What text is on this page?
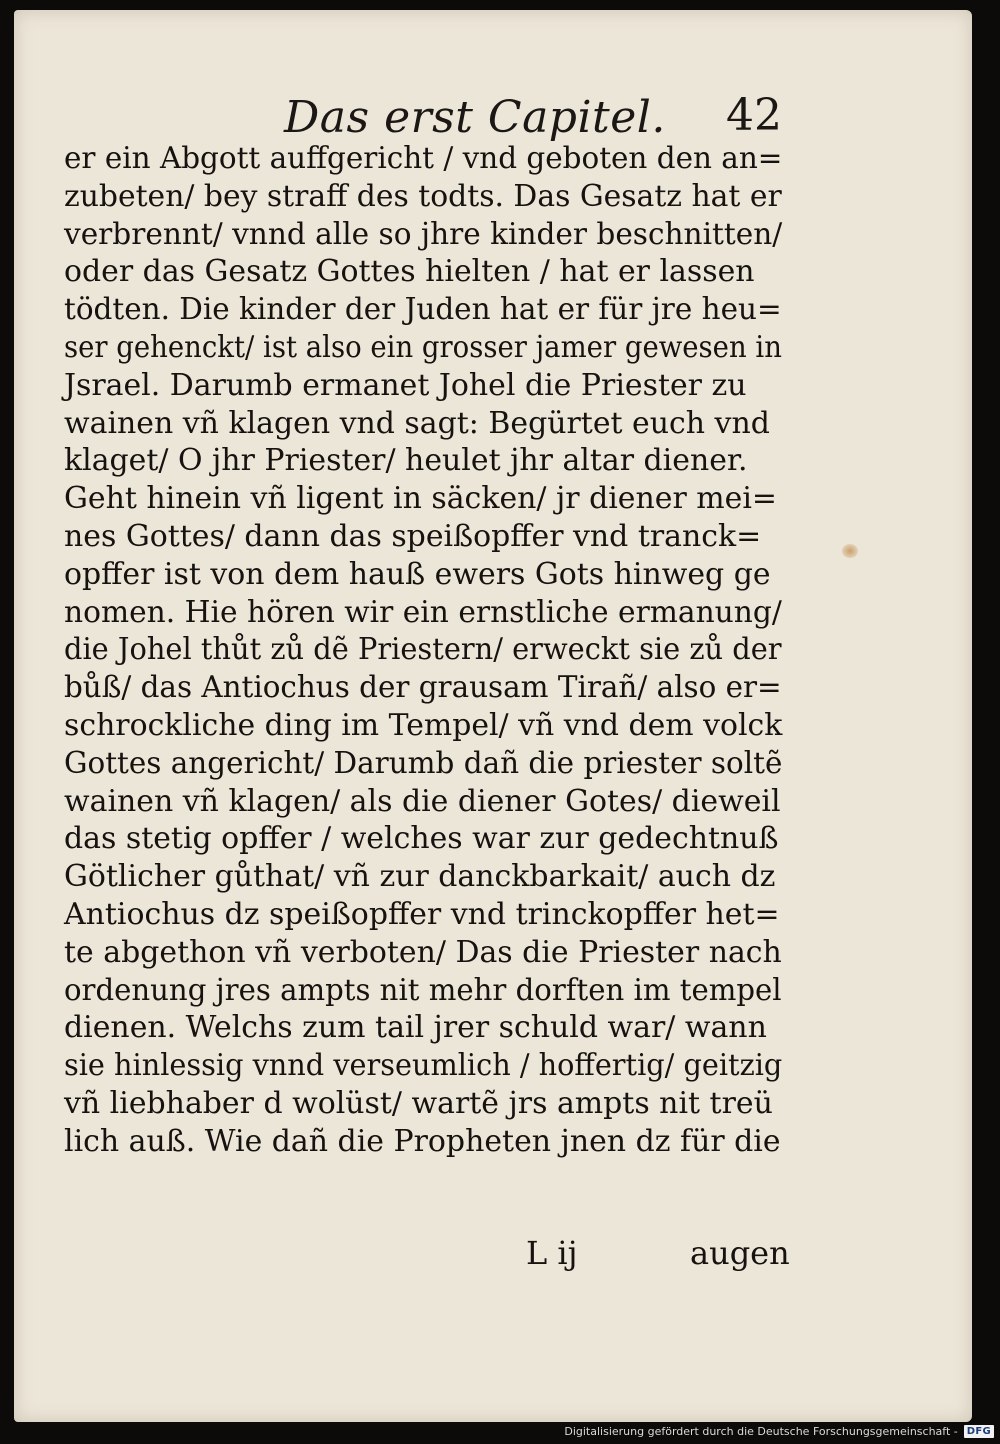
Das erst Capitel. 42
er ein Abgott auffgericht / vnd geboten den an=
zubeten/ bey straff des todts. Das Gesatz hat er
verbrennt/ vnnd alle so jhre kinder beschnitten/
oder das Gesatz Gottes hielten / hat er lassen
tödten. Die kinder der Juden hat er für jre heu=
ser gehenckt/ ist also ein grosser jamer gewesen in
Jsrael. Darumb ermanet Johel die Priester zu
wainen vñ klagen vnd sagt: Begürtet euch vnd
klaget/ O jhr Priester/ heulet jhr altar diener.
Geht hinein vñ ligent in säcken/ jr diener mei=
nes Gottes/ dann das speißopffer vnd tranck=
opffer ist von dem hauß ewers Gots hinweg ge
nomen. Hie hören wir ein ernstliche ermanung/
die Johel thůt zů dẽ Priestern/ erweckt sie zů der
bůß/ das Antiochus der grausam Tirañ/ also er=
schrockliche ding im Tempel/ vñ vnd dem volck
Gottes angericht/ Darumb dañ die priester soltẽ
wainen vñ klagen/ als die diener Gotes/ dieweil
das stetig opffer / welches war zur gedechtnuß
Götlicher gůthat/ vñ zur danckbarkait/ auch dz
Antiochus dz speißopffer vnd trinckopffer het=
te abgethon vñ verboten/ Das die Priester nach
ordenung jres ampts nit mehr dorften im tempel
dienen. Welchs zum tail jrer schuld war/ wann
sie hinlessig vnnd verseumlich / hoffertig/ geitzig
vñ liebhaber d wolüst/ wartẽ jrs ampts nit treü
lich auß. Wie dañ die Propheten jnen dz für die
L ij	augen
Digitalisierung gefördert durch die Deutsche Forschungsgemeinschaft - DFG
